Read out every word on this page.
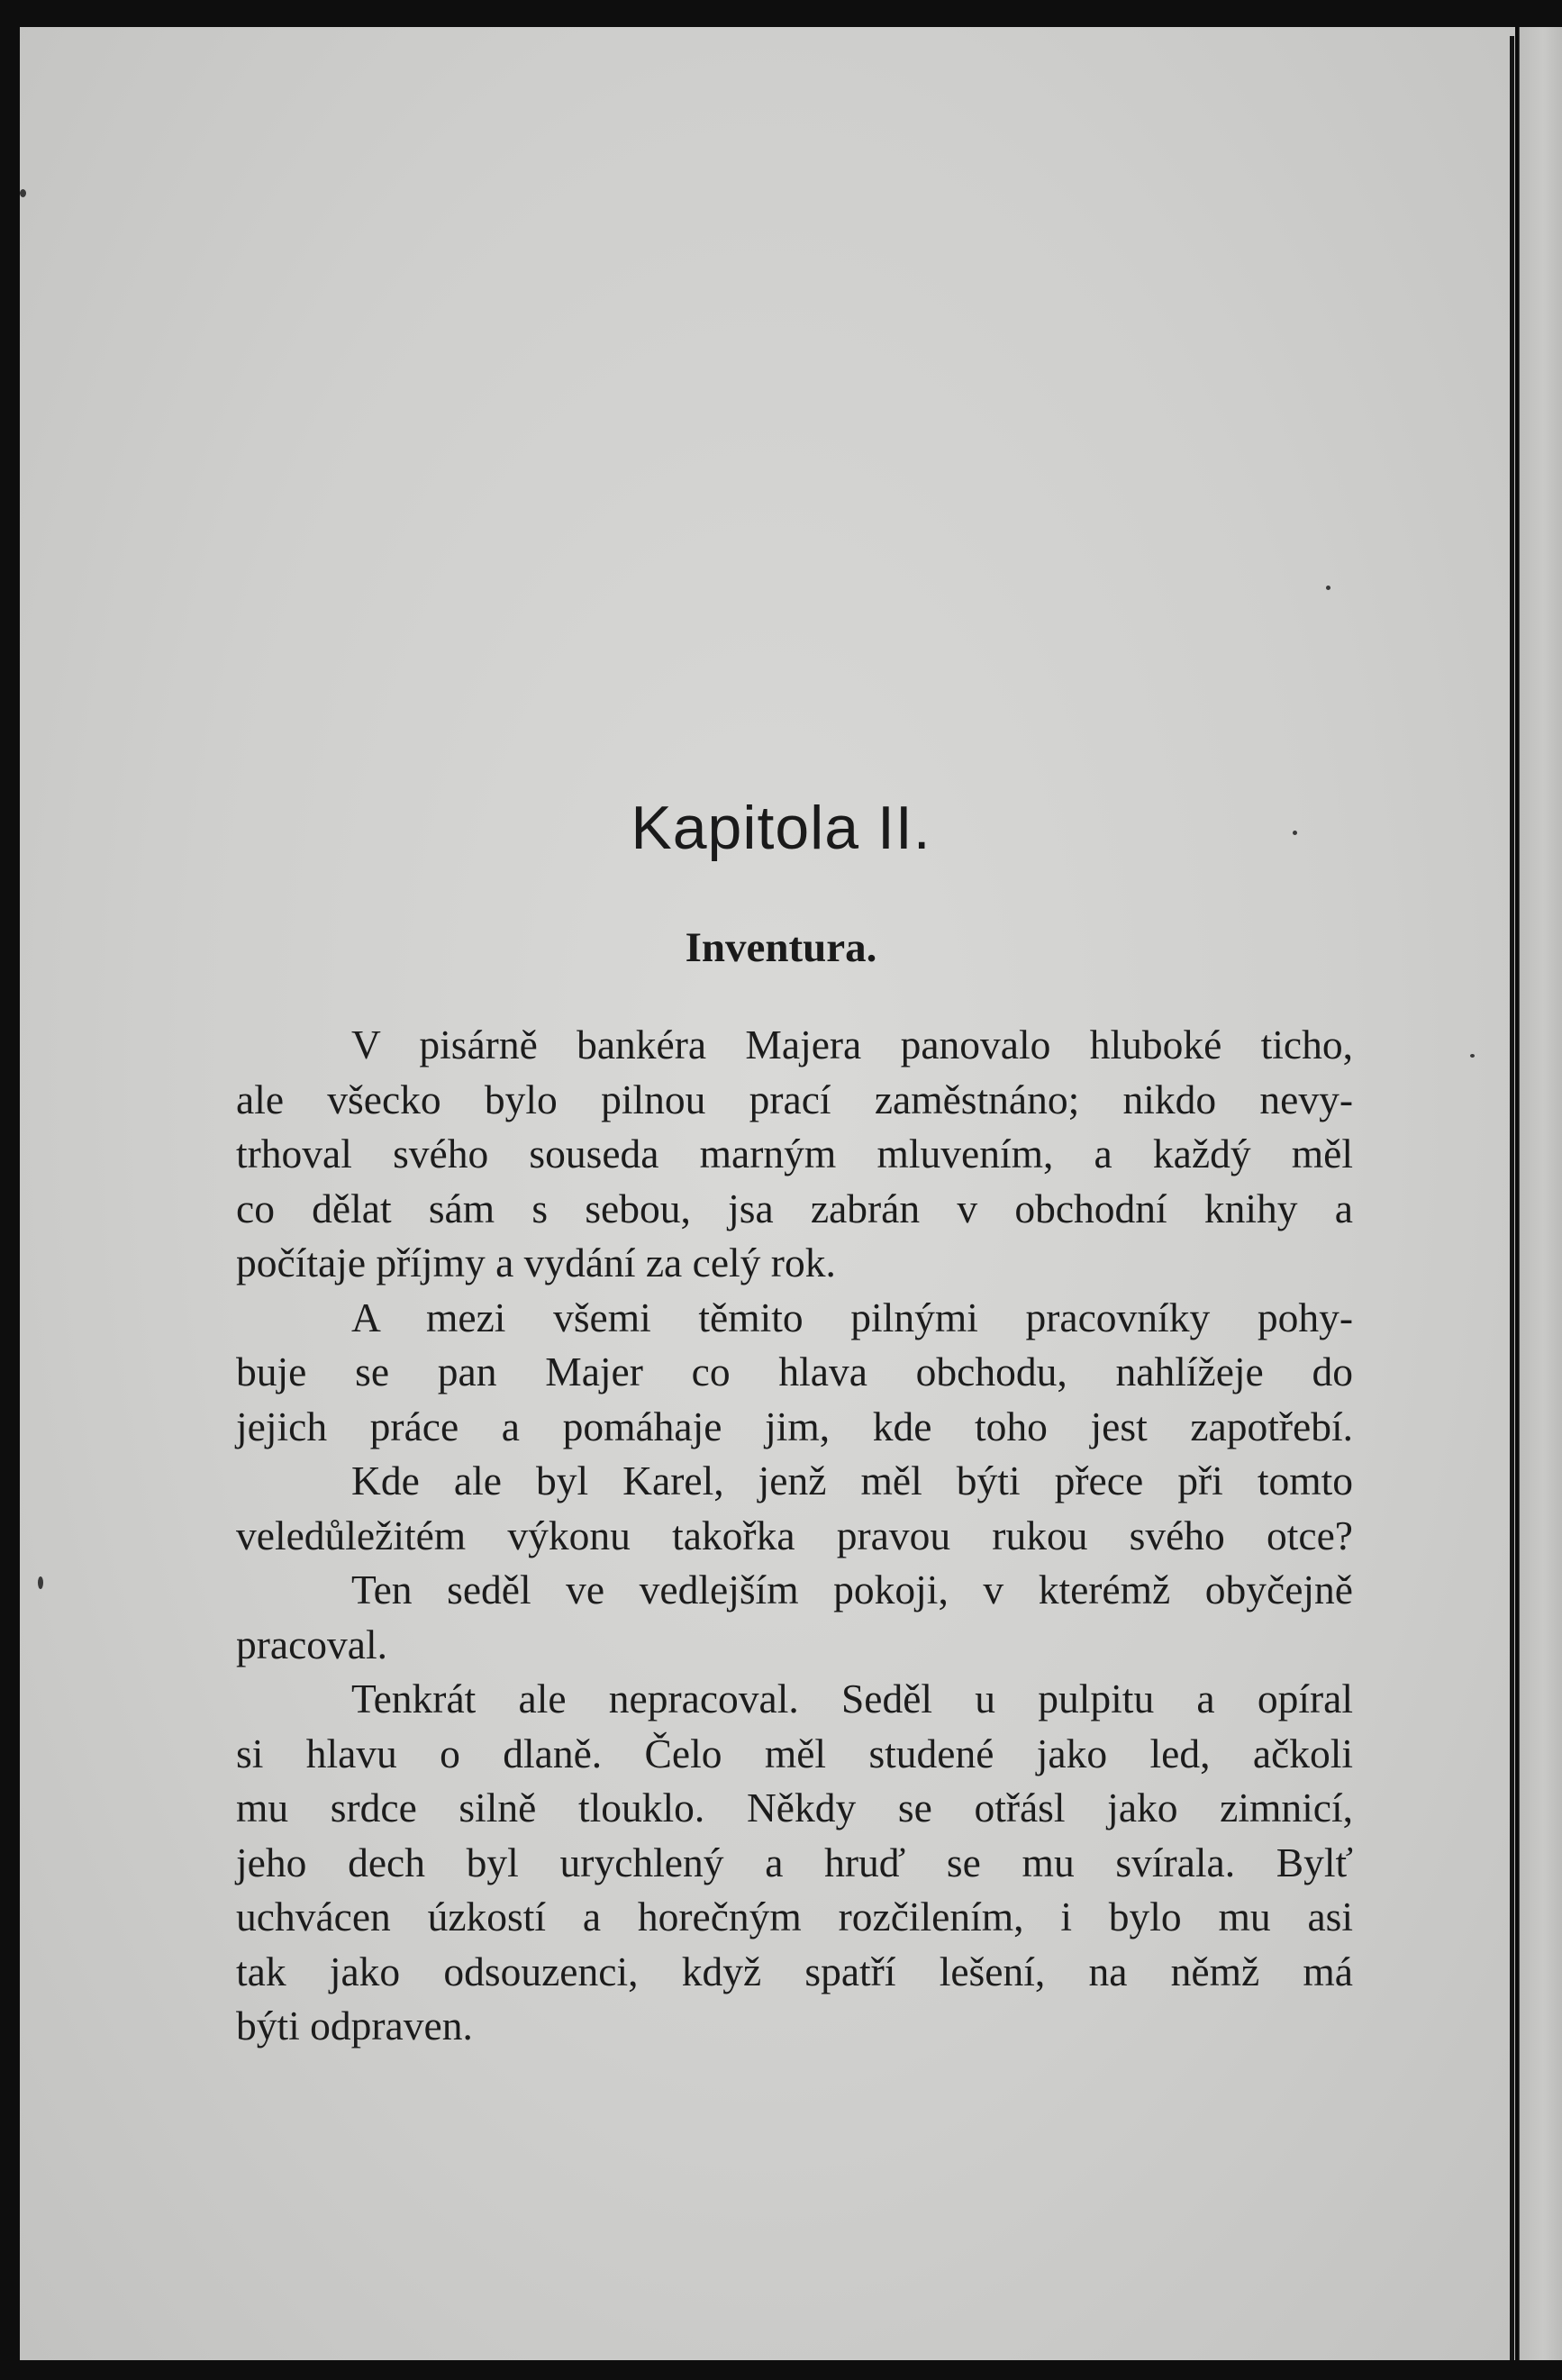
Kapitola II.
Inventura.
V pisárně bankéra Majera panovalo hluboké ticho,
ale všecko bylo pilnou prací zaměstnáno; nikdo nevy-
trhoval svého souseda marným mluvením, a každý měl
co dělat sám s sebou, jsa zabrán v obchodní knihy a
počítaje příjmy a vydání za celý rok.
A mezi všemi těmito pilnými pracovníky pohy-
buje se pan Majer co hlava obchodu, nahlížeje do
jejich práce a pomáhaje jim, kde toho jest zapotřebí.
Kde ale byl Karel, jenž měl býti přece při tomto
veledůležitém výkonu takořka pravou rukou svého otce?
Ten seděl ve vedlejším pokoji, v kterémž obyčejně
pracoval.
Tenkrát ale nepracoval. Seděl u pulpitu a opíral
si hlavu o dlaně. Čelo měl studené jako led, ačkoli
mu srdce silně tlouklo. Někdy se otřásl jako zimnicí,
jeho dech byl urychlený a hruď se mu svírala. Bylť
uchvácen úzkostí a horečným rozčilením, i bylo mu asi
tak jako odsouzenci, když spatří lešení, na němž má
býti odpraven.
